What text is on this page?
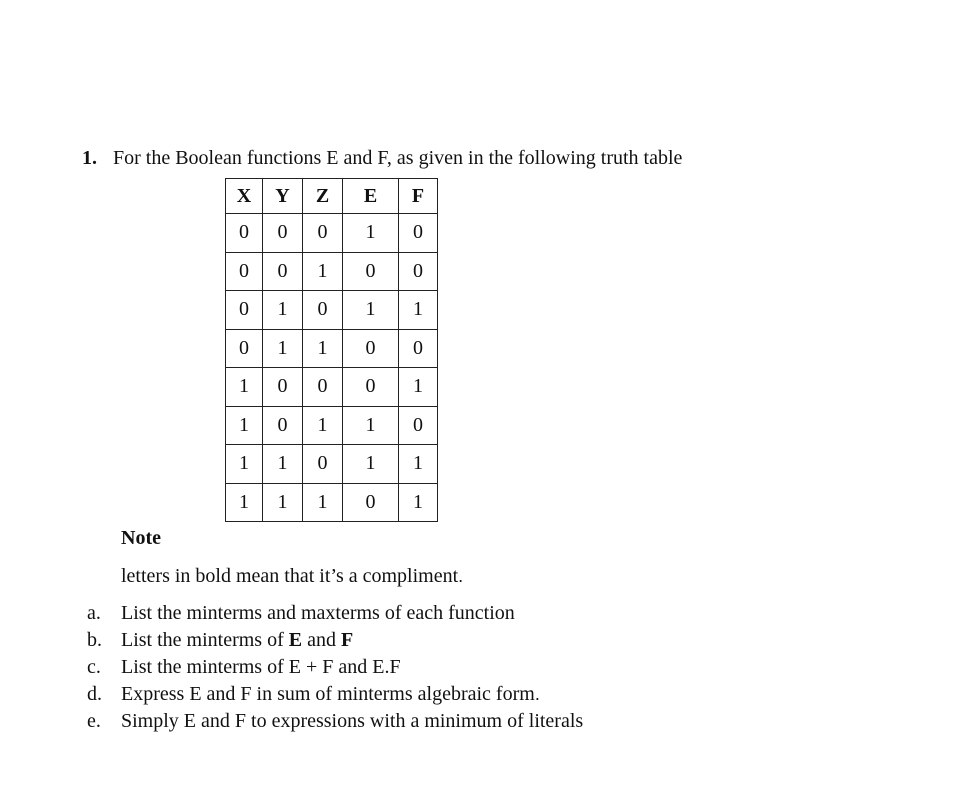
1. For the Boolean functions E and F, as given in the following truth table
X	Y	Z	E	F
0	0	0	1	0
0	0	1	0	0
0	1	0	1	1
0	1	1	0	0
1	0	0	0	1
1	0	1	1	0
1	1	0	1	1
1	1	1	0	1
Note
letters in bold mean that it’s a compliment.
a. List the minterms and maxterms of each function
b. List the minterms of E and F
c. List the minterms of E + F and E.F
d. Express E and F in sum of minterms algebraic form.
e. Simply E and F to expressions with a minimum of literals
